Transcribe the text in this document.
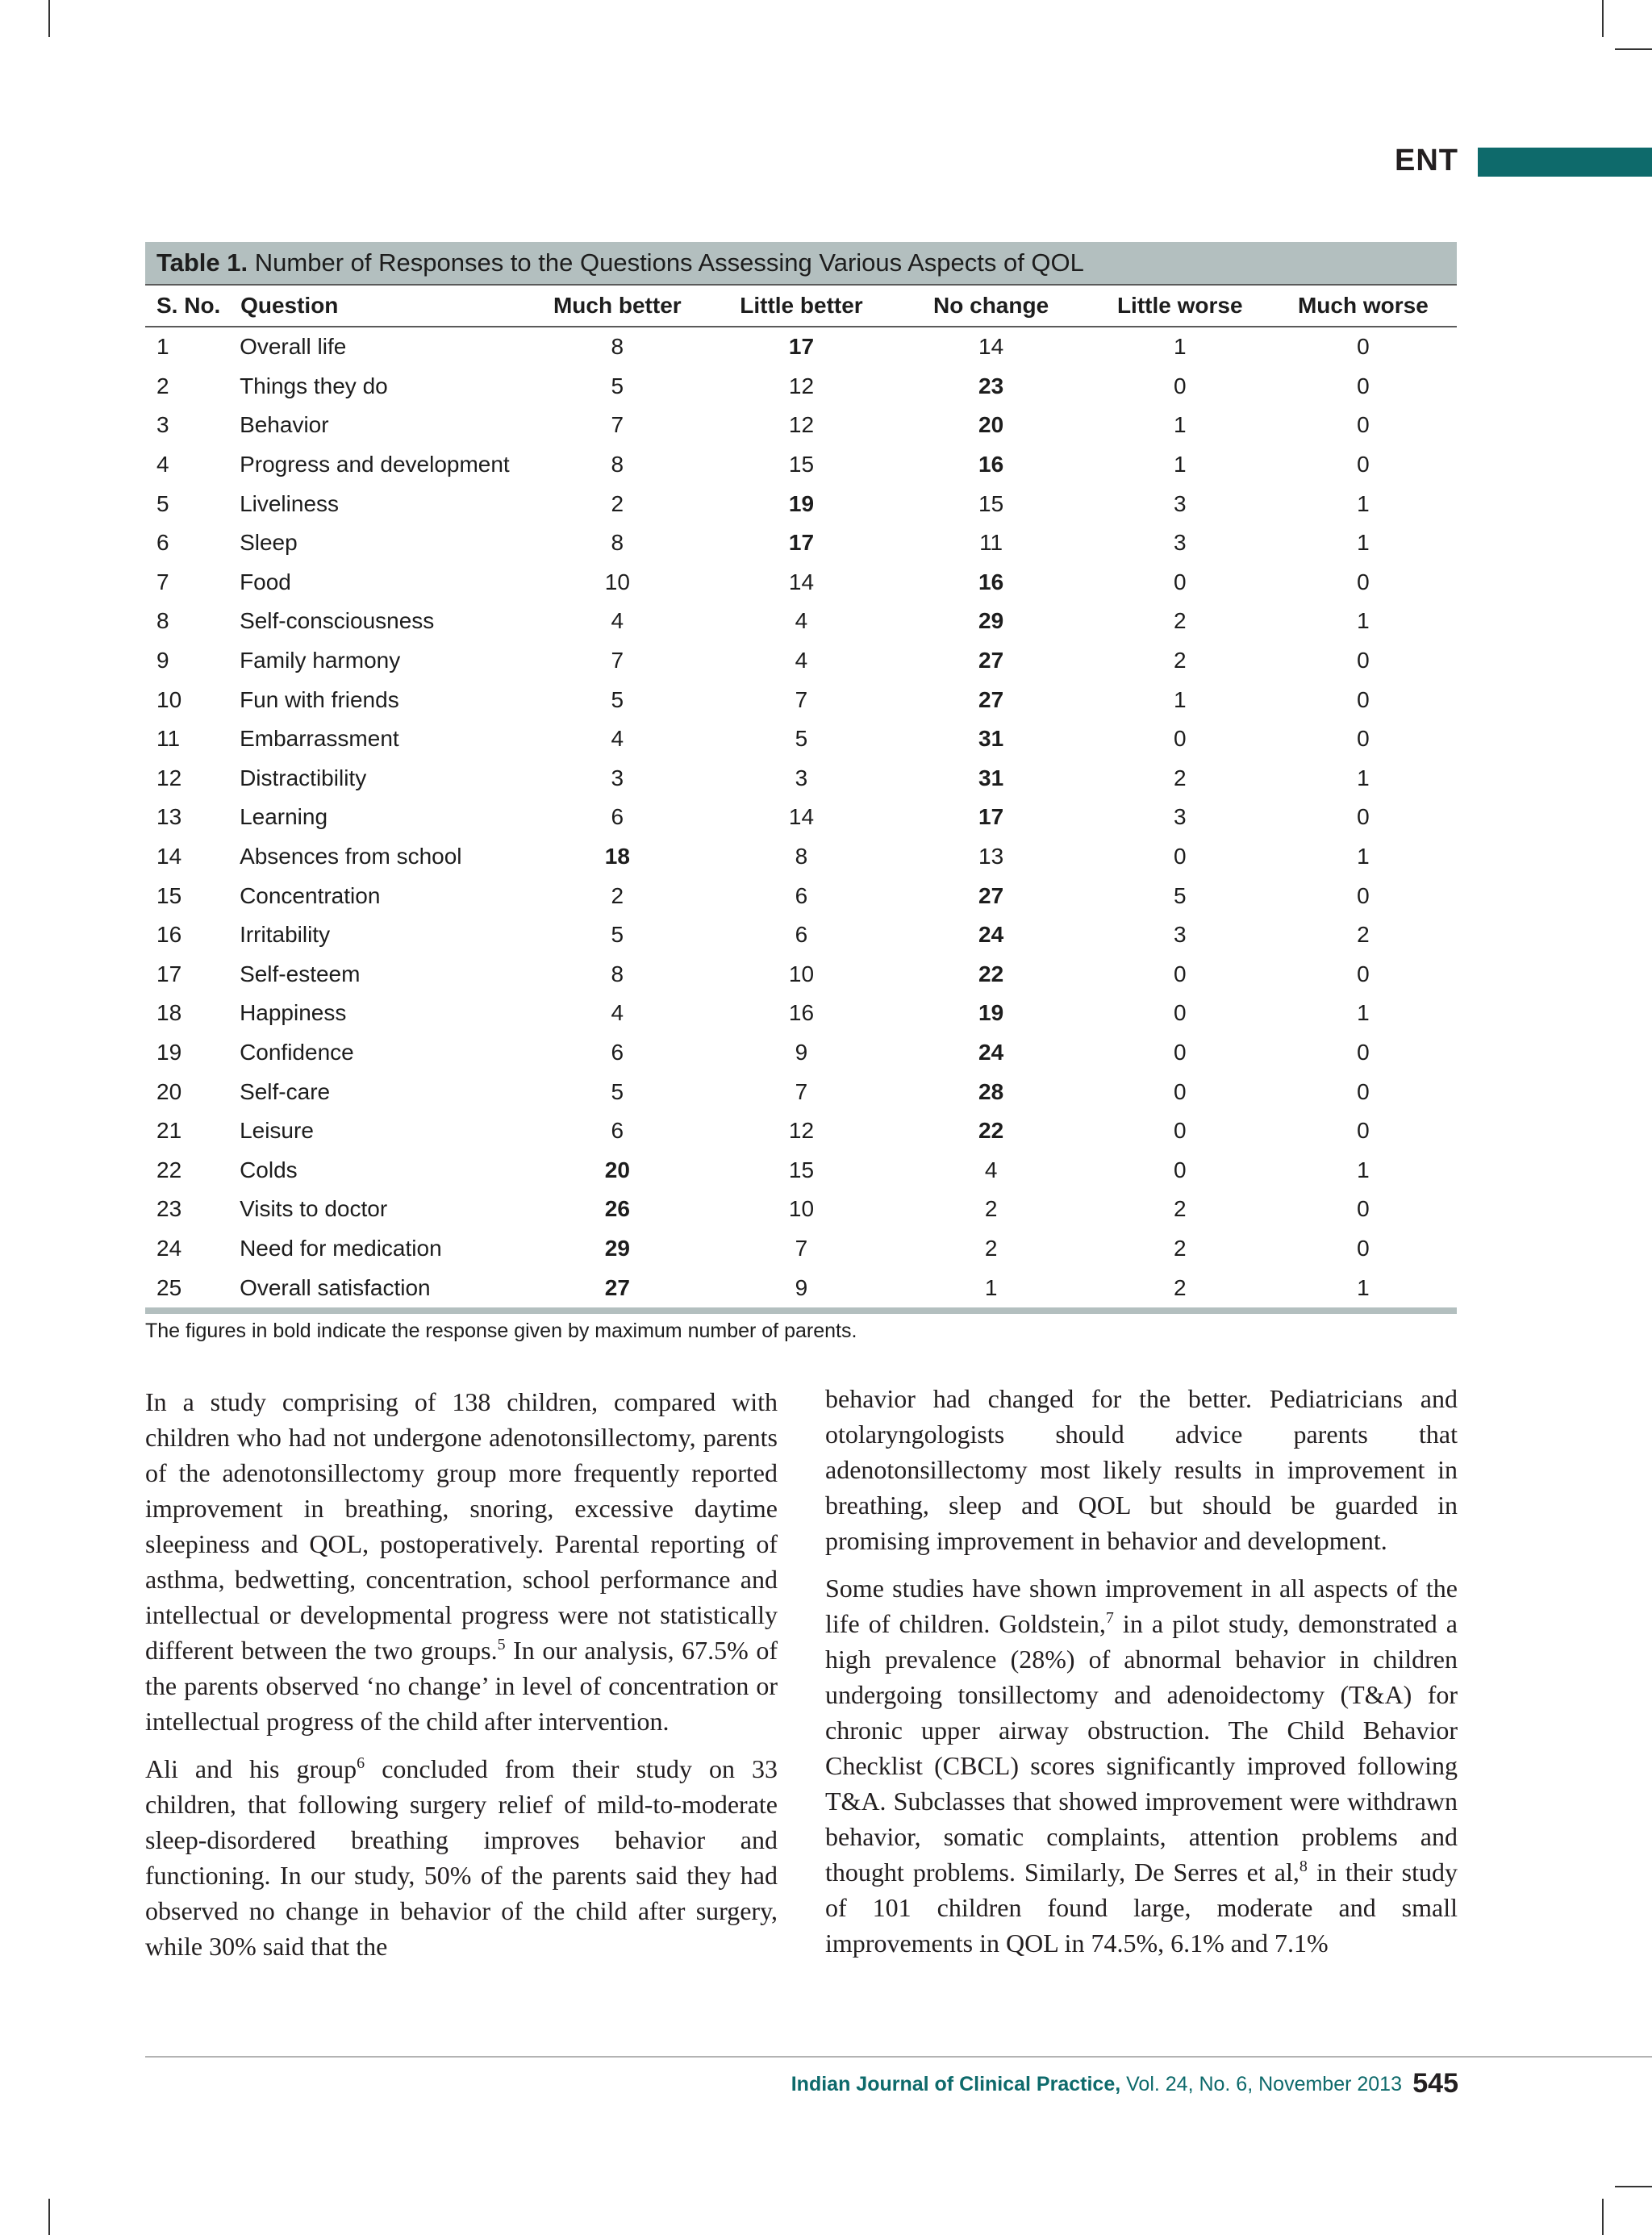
ENT
Table 1. Number of Responses to the Questions Assessing Various Aspects of QOL
S. No.	Question	Much better	Little better	No change	Little worse	Much worse
1	Overall life	8	17	14	1	0
2	Things they do	5	12	23	0	0
3	Behavior	7	12	20	1	0
4	Progress and development	8	15	16	1	0
5	Liveliness	2	19	15	3	1
6	Sleep	8	17	11	3	1
7	Food	10	14	16	0	0
8	Self-consciousness	4	4	29	2	1
9	Family harmony	7	4	27	2	0
10	Fun with friends	5	7	27	1	0
11	Embarrassment	4	5	31	0	0
12	Distractibility	3	3	31	2	1
13	Learning	6	14	17	3	0
14	Absences from school	18	8	13	0	1
15	Concentration	2	6	27	5	0
16	Irritability	5	6	24	3	2
17	Self-esteem	8	10	22	0	0
18	Happiness	4	16	19	0	1
19	Confidence	6	9	24	0	0
20	Self-care	5	7	28	0	0
21	Leisure	6	12	22	0	0
22	Colds	20	15	4	0	1
23	Visits to doctor	26	10	2	2	0
24	Need for medication	29	7	2	2	0
25	Overall satisfaction	27	9	1	2	1
The figures in bold indicate the response given by maximum number of parents.

In a study comprising of 138 children, compared with children who had not undergone adenotonsillectomy, parents of the adenotonsillectomy group more frequently reported improvement in breathing, snoring, excessive daytime sleepiness and QOL, postoperatively. Parental reporting of asthma, bedwetting, concentration, school performance and intellectual or developmental progress were not statistically different between the two groups.$^5$ In our analysis, 67.5% of the parents observed ‘no change’ in level of concentration or intellectual progress of the child after intervention.

Ali and his group$^6$ concluded from their study on 33 children, that following surgery relief of mild-to-moderate sleep-disordered breathing improves behavior and functioning. In our study, 50% of the parents said they had observed no change in behavior of the child after surgery, while 30% said that the

behavior had changed for the better. Pediatricians and otolaryngologists should advice parents that adenotonsillectomy most likely results in improvement in breathing, sleep and QOL but should be guarded in promising improvement in behavior and development.

Some studies have shown improvement in all aspects of the life of children. Goldstein,$^7$ in a pilot study, demonstrated a high prevalence (28%) of abnormal behavior in children undergoing tonsillectomy and adenoidectomy (T&A) for chronic upper airway obstruction. The Child Behavior Checklist (CBCL) scores significantly improved following T&A. Subclasses that showed improvement were withdrawn behavior, somatic complaints, attention problems and thought problems. Similarly, De Serres et al,$^8$ in their study of 101 children found large, moderate and small improvements in QOL in 74.5%, 6.1% and 7.1%

Indian Journal of Clinical Practice, Vol. 24, No. 6, November 2013 545
